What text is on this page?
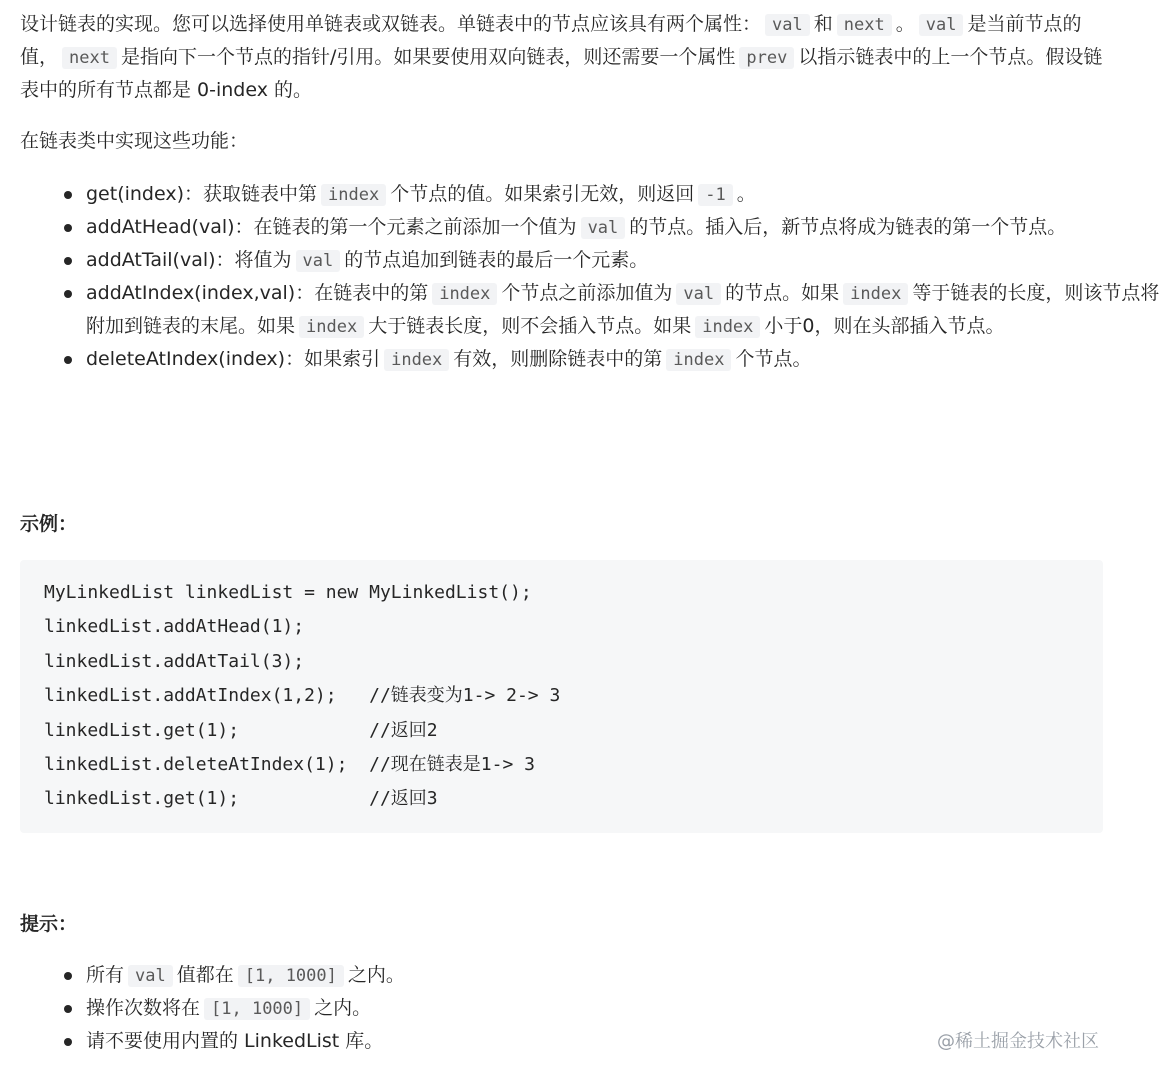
设计链表的实现。您可以选择使用单链表或双链表。单链表中的节点应该具有两个属性： val 和 next 。 val 是当前节点的值， next 是指向下一个节点的指针/引用。如果要使用双向链表，则还需要一个属性 prev 以指示链表中的上一个节点。假设链表中的所有节点都是 0-index 的。

在链表类中实现这些功能：

get(index)：获取链表中第 index 个节点的值。如果索引无效，则返回 -1 。
addAtHead(val)：在链表的第一个元素之前添加一个值为 val 的节点。插入后，新节点将成为链表的第一个节点。
addAtTail(val)：将值为 val 的节点追加到链表的最后一个元素。
addAtIndex(index,val)：在链表中的第 index 个节点之前添加值为 val 的节点。如果 index 等于链表的长度，则该节点将附加到链表的末尾。如果 index 大于链表长度，则不会插入节点。如果 index 小于0，则在头部插入节点。
deleteAtIndex(index)：如果索引 index 有效，则删除链表中的第 index 个节点。
示例：
MyLinkedList linkedList = new MyLinkedList();
linkedList.addAtHead(1);
linkedList.addAtTail(3);
linkedList.addAtIndex(1,2);   //链表变为1-> 2-> 3
linkedList.get(1);            //返回2
linkedList.deleteAtIndex(1);  //现在链表是1-> 3
linkedList.get(1);            //返回3
提示：
所有 val 值都在 [1, 1000] 之内。
操作次数将在 [1, 1000] 之内。
请不要使用内置的 LinkedList 库。	@稀土掘金技术社区
